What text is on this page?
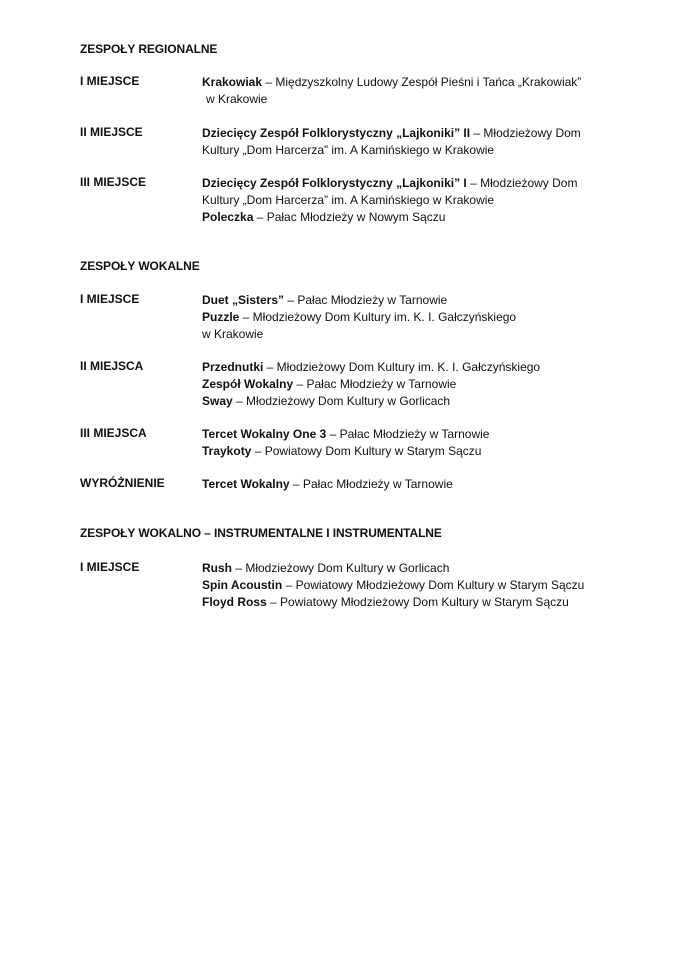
ZESPOŁY REGIONALNE
I MIEJSCE	Krakowiak – Międzyszkolny Ludowy Zespół Pieśni i Tańca „Krakowiak”
w Krakowie
II MIEJSCE	Dziecięcy Zespół Folklorystyczny „Lajkoniki” II – Młodzieżowy Dom
Kultury „Dom Harcerza” im. A Kamińskiego w Krakowie
III MIEJSCE	Dziecięcy Zespół Folklorystyczny „Lajkoniki” I – Młodzieżowy Dom
Kultury „Dom Harcerza” im. A Kamińskiego w Krakowie
Poleczka – Pałac Młodzieży w Nowym Sączu
ZESPOŁY WOKALNE
I MIEJSCE	Duet „Sisters” – Pałac Młodzieży w Tarnowie
Puzzle – Młodzieżowy Dom Kultury im. K. I. Gałczyńskiego
w Krakowie
II MIEJSCA	Przednutki – Młodzieżowy Dom Kultury im. K. I. Gałczyńskiego
Zespół Wokalny – Pałac Młodzieży w Tarnowie
Sway – Młodzieżowy Dom Kultury w Gorlicach
III MIEJSCA	Tercet Wokalny One 3 – Pałac Młodzieży w Tarnowie
Traykoty – Powiatowy Dom Kultury w Starym Sączu
WYRÓŻNIENIE	Tercet Wokalny – Pałac Młodzieży w Tarnowie
ZESPOŁY WOKALNO – INSTRUMENTALNE I INSTRUMENTALNE
I MIEJSCE	Rush – Młodzieżowy Dom Kultury w Gorlicach
Spin Acoustin – Powiatowy Młodzieżowy Dom Kultury w Starym Sączu
Floyd Ross – Powiatowy Młodzieżowy Dom Kultury w Starym Sączu
